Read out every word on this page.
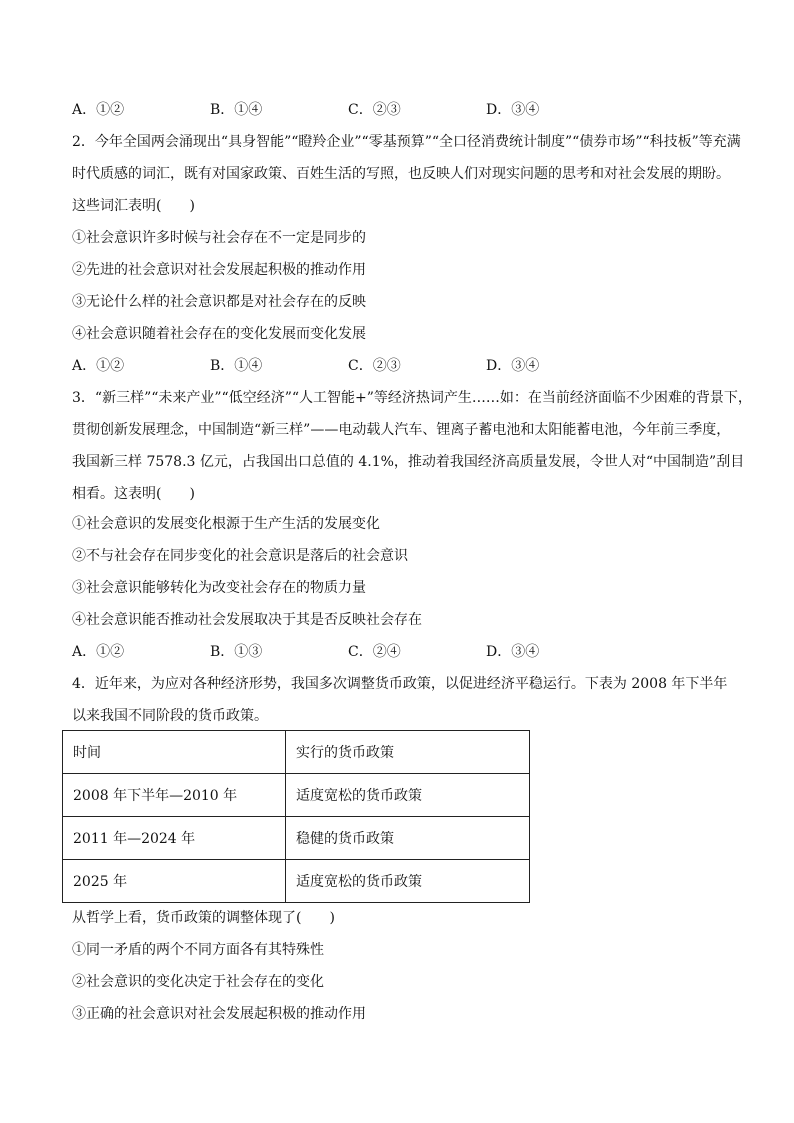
A．①②	B．①④	C．②③	D．③④
2．今年全国两会涌现出“具身智能”“瞪羚企业”“零基预算”“全口径消费统计制度”“债券市场”“科技板”等充满
时代质感的词汇，既有对国家政策、百姓生活的写照，也反映人们对现实问题的思考和对社会发展的期盼。
这些词汇表明(　　)
①社会意识许多时候与社会存在不一定是同步的
②先进的社会意识对社会发展起积极的推动作用
③无论什么样的社会意识都是对社会存在的反映
④社会意识随着社会存在的变化发展而变化发展
A．①②	B．①④	C．②③	D．③④
3．“新三样”“未来产业”“低空经济”“人工智能+”等经济热词产生……如：在当前经济面临不少困难的背景下，
贯彻创新发展理念，中国制造“新三样”——电动载人汽车、锂离子蓄电池和太阳能蓄电池，今年前三季度，
我国新三样 7578.3 亿元，占我国出口总值的 4.1%，推动着我国经济高质量发展，令世人对“中国制造”刮目
相看。这表明(　　)
①社会意识的发展变化根源于生产生活的发展变化
②不与社会存在同步变化的社会意识是落后的社会意识
③社会意识能够转化为改变社会存在的物质力量
④社会意识能否推动社会发展取决于其是否反映社会存在
A．①②	B．①③	C．②④	D．③④
4．近年来，为应对各种经济形势，我国多次调整货币政策，以促进经济平稳运行。下表为 2008 年下半年
以来我国不同阶段的货币政策。
时间	实行的货币政策
2008 年下半年—2010 年	适度宽松的货币政策
2011 年—2024 年	稳健的货币政策
2025 年	适度宽松的货币政策
从哲学上看，货币政策的调整体现了(　　)
①同一矛盾的两个不同方面各有其特殊性
②社会意识的变化决定于社会存在的变化
③正确的社会意识对社会发展起积极的推动作用
